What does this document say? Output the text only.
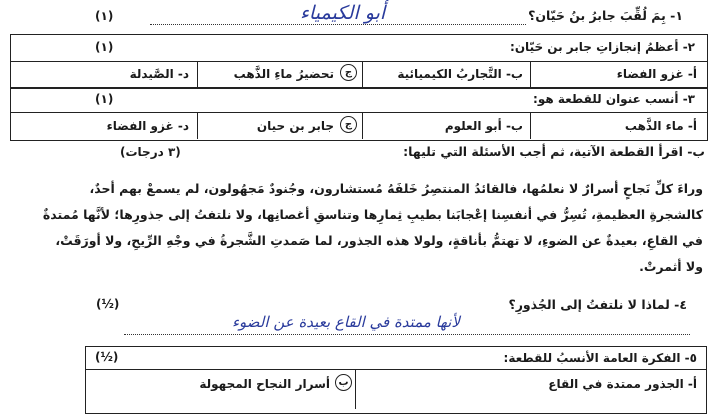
١- بِمَ لُقِّبَ جابرُ بنُ حَيّان؟
أبو الكيمياء
(١)
٢- أعظمُ إنجازاتِ جابر بن حَيّان:
(١)
أ- غزو الفضاء
ب- التَّجاربُ الكيميائية
ج
تحضيرُ ماءِ الذَّهب
د- الصَّيدلة
٣- أنسب عنوان للقطعة هو:
(١)
أ- ماء الذَّهب
ب- أبو العلوم
ج
جابر بن حيان
د- غزو الفضاء
ب- اقرأ القطعة الآتية، ثم أجب الأسئلة التي تليها:
(٣ درجات)
وراءَ كلِّ نَجاحٍ أسرارٌ لا نعلمُها، فالقائدُ المنتصِرُ خَلفَهُ مُستشارون، وجُنودٌ مَجهُولون، لم يسمعْ بهم أحدٌ،
كالشجرةِ العظيمةِ، تُسِرُّ في أنفسِنا إعْجابَنا بطيبِ ثِمارِها وتناسقِ أغصانِها، ولا نلتفتُ إلى جذورِها؛ لأنَّها مُمتدةٌ
في القاعِ، بعيدةٌ عن الضوءِ، لا تهتمُّ بأناقةٍ، ولولا هذه الجذور، لما صَمدتِ الشَّجرةُ في وجْهِ الرِّيحِ، ولا أورَقَتْ،
ولا أثمرتْ.
٤- لماذا لا نلتفتُ إلى الجُذورِ؟
(½)
لأنها ممتدة في القاع بعيدة عن الضوء
٥- الفكرة العامة الأنسبُ للقطعة:
(½)
أ- الجذور ممتدة في القاع
ب
أسرار النجاح المجهولة
